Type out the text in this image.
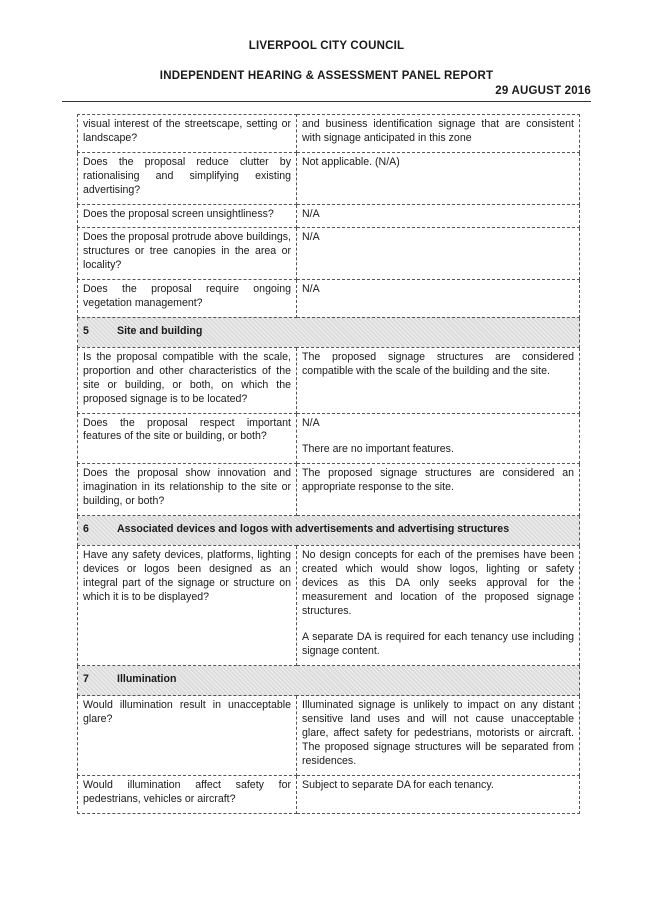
LIVERPOOL CITY COUNCIL
INDEPENDENT HEARING & ASSESSMENT PANEL REPORT
29 AUGUST 2016

visual interest of the streetscape, setting or landscape?	and business identification signage that are consistent with signage anticipated in this zone

Does the proposal reduce clutter by rationalising and simplifying existing advertising?	Not applicable. (N/A)

Does the proposal screen unsightliness?	N/A

Does the proposal protrude above buildings, structures or tree canopies in the area or locality?	N/A

Does the proposal require ongoing vegetation management?	N/A

5 Site and building	

Is the proposal compatible with the scale, proportion and other characteristics of the site or building, or both, on which the proposed signage is to be located?	The proposed signage structures are considered compatible with the scale of the building and the site.

Does the proposal respect important features of the site or building, or both?	N/A

There are no important features.

Does the proposal show innovation and imagination in its relationship to the site or building, or both?	The proposed signage structures are considered an appropriate response to the site.

6 Associated devices and logos with advertisements and advertising structures	

Have any safety devices, platforms, lighting devices or logos been designed as an integral part of the signage or structure on which it is to be displayed?	No design concepts for each of the premises have been created which would show logos, lighting or safety devices as this DA only seeks approval for the measurement and location of the proposed signage structures.

A separate DA is required for each tenancy use including signage content.

7 Illumination	

Would illumination result in unacceptable glare?	Illuminated signage is unlikely to impact on any distant sensitive land uses and will not cause unacceptable glare, affect safety for pedestrians, motorists or aircraft. The proposed signage structures will be separated from residences.

Would illumination affect safety for pedestrians, vehicles or aircraft?	Subject to separate DA for each tenancy.
